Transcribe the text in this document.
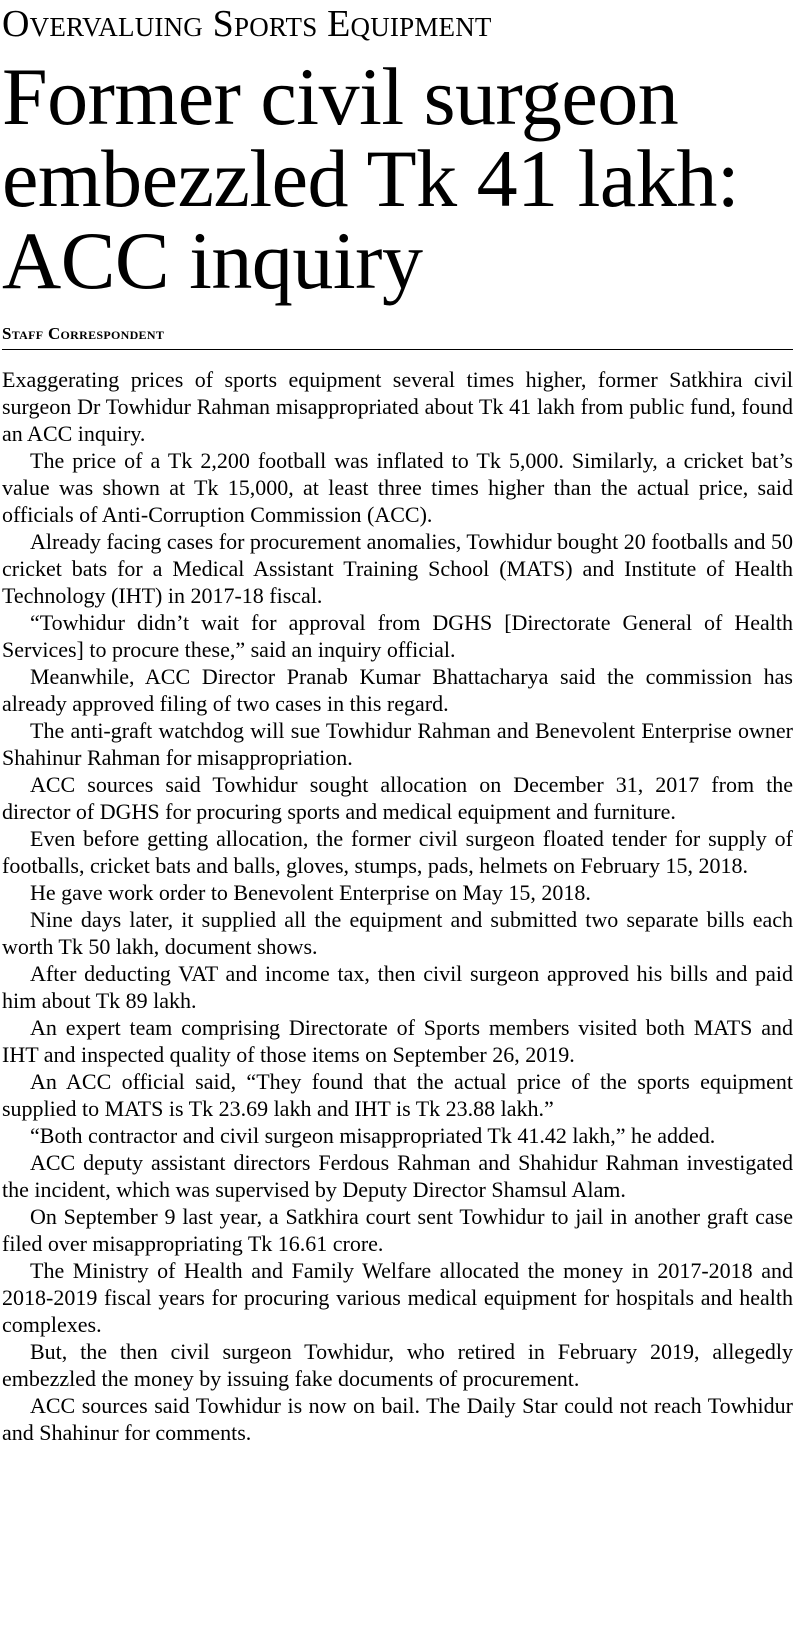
Overvaluing Sports Equipment
Former civil surgeon embezzled Tk 41 lakh: ACC inquiry
Staff Correspondent

Exaggerating prices of sports equipment several times higher, former Satkhira civil surgeon Dr Towhidur Rahman misappropriated about Tk 41 lakh from public fund, found an ACC inquiry.

The price of a Tk 2,200 football was inflated to Tk 5,000. Similarly, a cricket bat’s value was shown at Tk 15,000, at least three times higher than the actual price, said officials of Anti-Corruption Commission (ACC).

Already facing cases for procurement anomalies, Towhidur bought 20 footballs and 50 cricket bats for a Medical Assistant Training School (MATS) and Institute of Health Technology (IHT) in 2017-18 fiscal.

“Towhidur didn’t wait for approval from DGHS [Directorate General of Health Services] to procure these,” said an inquiry official.

Meanwhile, ACC Director Pranab Kumar Bhattacharya said the commission has already approved filing of two cases in this regard.

The anti-graft watchdog will sue Towhidur Rahman and Benevolent Enterprise owner Shahinur Rahman for misappropriation.

ACC sources said Towhidur sought allocation on December 31, 2017 from the director of DGHS for procuring sports and medical equipment and furniture.

Even before getting allocation, the former civil surgeon floated tender for supply of footballs, cricket bats and balls, gloves, stumps, pads, helmets on February 15, 2018.

He gave work order to Benevolent Enterprise on May 15, 2018.

Nine days later, it supplied all the equipment and submitted two separate bills each worth Tk 50 lakh, document shows.

After deducting VAT and income tax, then civil surgeon approved his bills and paid him about Tk 89 lakh.

An expert team comprising Directorate of Sports members visited both MATS and IHT and inspected quality of those items on September 26, 2019.

An ACC official said, “They found that the actual price of the sports equipment supplied to MATS is Tk 23.69 lakh and IHT is Tk 23.88 lakh.”

“Both contractor and civil surgeon misappropriated Tk 41.42 lakh,” he added.

ACC deputy assistant directors Ferdous Rahman and Shahidur Rahman investigated the incident, which was supervised by Deputy Director Shamsul Alam.

On September 9 last year, a Satkhira court sent Towhidur to jail in another graft case filed over misappropriating Tk 16.61 crore.

The Ministry of Health and Family Welfare allocated the money in 2017-2018 and 2018-2019 fiscal years for procuring various medical equipment for hospitals and health complexes.

But, the then civil surgeon Towhidur, who retired in February 2019, allegedly embezzled the money by issuing fake documents of procurement.

ACC sources said Towhidur is now on bail. The Daily Star could not reach Towhidur and Shahinur for comments.
